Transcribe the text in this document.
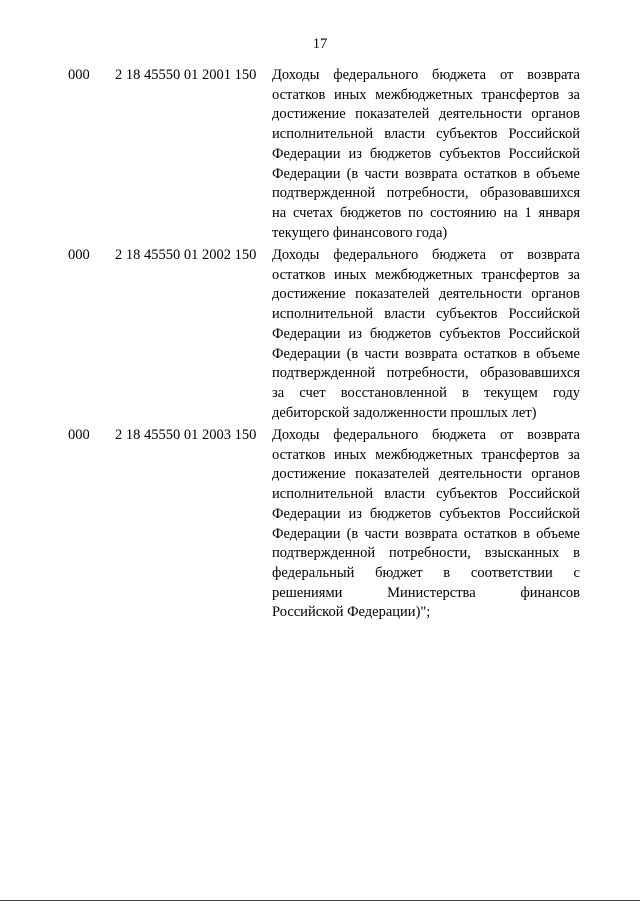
17
000 2 18 45550 01 2001 150 Доходы федерального бюджета от возврата
остатков иных межбюджетных трансфертов за
достижение показателей деятельности органов
исполнительной власти субъектов Российской
Федерации из бюджетов субъектов Российской
Федерации (в части возврата остатков в объеме
подтвержденной потребности, образовавшихся
на счетах бюджетов по состоянию на 1 января
текущего финансового года)
000 2 18 45550 01 2002 150 Доходы федерального бюджета от возврата
остатков иных межбюджетных трансфертов за
достижение показателей деятельности органов
исполнительной власти субъектов Российской
Федерации из бюджетов субъектов Российской
Федерации (в части возврата остатков в объеме
подтвержденной потребности, образовавшихся
за счет восстановленной в текущем году
дебиторской задолженности прошлых лет)
000 2 18 45550 01 2003 150 Доходы федерального бюджета от возврата
остатков иных межбюджетных трансфертов за
достижение показателей деятельности органов
исполнительной власти субъектов Российской
Федерации из бюджетов субъектов Российской
Федерации (в части возврата остатков в объеме
подтвержденной потребности, взысканных в
федеральный бюджет в соответствии с
решениями Министерства финансов
Российской Федерации)";
